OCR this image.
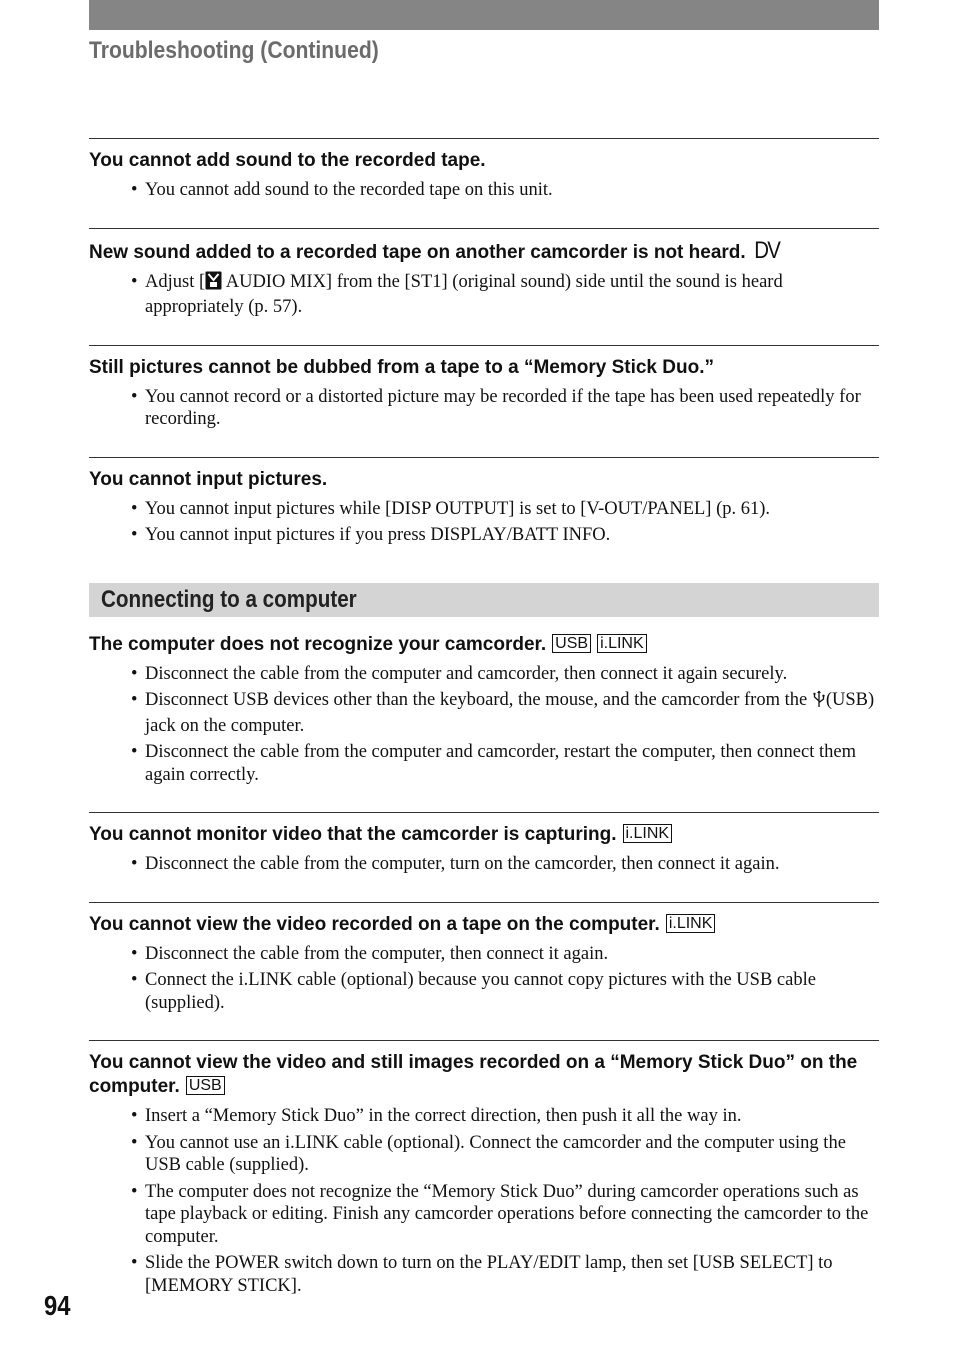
Troubleshooting (Continued)
You cannot add sound to the recorded tape.
• You cannot add sound to the recorded tape on this unit.
New sound added to a recorded tape on another camcorder is not heard. DV
• Adjust [ AUDIO MIX] from the [ST1] (original sound) side until the sound is heard appropriately (p. 57).
Still pictures cannot be dubbed from a tape to a “Memory Stick Duo.”
• You cannot record or a distorted picture may be recorded if the tape has been used repeatedly for recording.
You cannot input pictures.
• You cannot input pictures while [DISP OUTPUT] is set to [V-OUT/PANEL] (p. 61).
• You cannot input pictures if you press DISPLAY/BATT INFO.
Connecting to a computer
The computer does not recognize your camcorder. USB i.LINK
• Disconnect the cable from the computer and camcorder, then connect it again securely.
• Disconnect USB devices other than the keyboard, the mouse, and the camcorder from the (USB) jack on the computer.
• Disconnect the cable from the computer and camcorder, restart the computer, then connect them again correctly.
You cannot monitor video that the camcorder is capturing. i.LINK
• Disconnect the cable from the computer, turn on the camcorder, then connect it again.
You cannot view the video recorded on a tape on the computer. i.LINK
• Disconnect the cable from the computer, then connect it again.
• Connect the i.LINK cable (optional) because you cannot copy pictures with the USB cable (supplied).
You cannot view the video and still images recorded on a “Memory Stick Duo” on the computer. USB
• Insert a “Memory Stick Duo” in the correct direction, then push it all the way in.
• You cannot use an i.LINK cable (optional). Connect the camcorder and the computer using the USB cable (supplied).
• The computer does not recognize the “Memory Stick Duo” during camcorder operations such as tape playback or editing. Finish any camcorder operations before connecting the camcorder to the computer.
• Slide the POWER switch down to turn on the PLAY/EDIT lamp, then set [USB SELECT] to [MEMORY STICK].
94
